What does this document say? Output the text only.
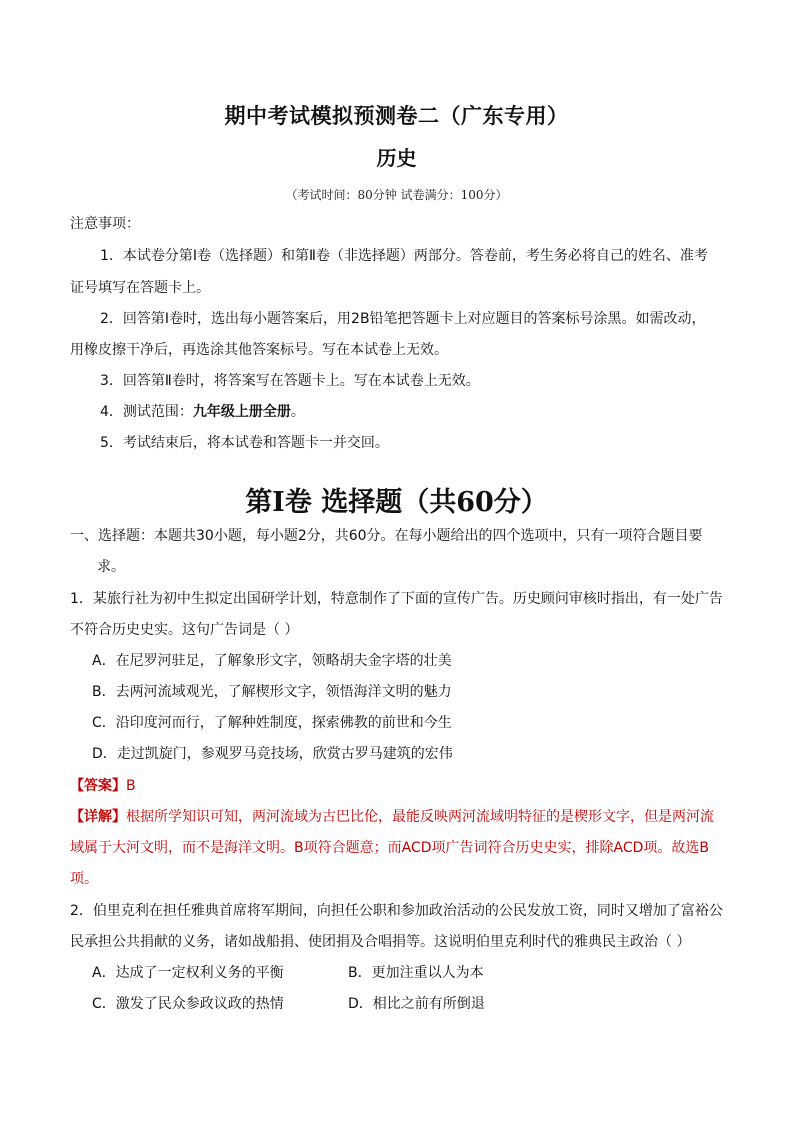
期中考试模拟预测卷二（广东专用）
历史
（考试时间：80分钟 试卷满分：100分）
注意事项：
1．本试卷分第Ⅰ卷（选择题）和第Ⅱ卷（非选择题）两部分。答卷前，考生务必将自己的姓名、准考
证号填写在答题卡上。
2．回答第Ⅰ卷时，选出每小题答案后，用2B铅笔把答题卡上对应题目的答案标号涂黑。如需改动，
用橡皮擦干净后，再选涂其他答案标号。写在本试卷上无效。
3．回答第Ⅱ卷时，将答案写在答题卡上。写在本试卷上无效。
4．测试范围：九年级上册全册。
5．考试结束后，将本试卷和答题卡一并交回。
第Ⅰ卷 选择题（共60分）
一、选择题：本题共30小题，每小题2分，共60分。在每小题给出的四个选项中，只有一项符合题目要
求。
1．某旅行社为初中生拟定出国研学计划，特意制作了下面的宣传广告。历史顾问审核时指出，有一处广告
不符合历史史实。这句广告词是（ ）
A．在尼罗河驻足，了解象形文字，领略胡夫金字塔的壮美
B．去两河流域观光，了解楔形文字，领悟海洋文明的魅力
C．沿印度河而行，了解种姓制度，探索佛教的前世和今生
D．走过凯旋门，参观罗马竞技场，欣赏古罗马建筑的宏伟
【答案】B
【详解】根据所学知识可知，两河流域为古巴比伦，最能反映两河流域明特征的是楔形文字，但是两河流
域属于大河文明，而不是海洋文明。B项符合题意；而ACD项广告词符合历史史实，排除ACD项。故选B
项。
2．伯里克利在担任雅典首席将军期间，向担任公职和参加政治活动的公民发放工资，同时又增加了富裕公
民承担公共捐献的义务，诸如战船捐、使团捐及合唱捐等。这说明伯里克利时代的雅典民主政治（ ）
A．达成了一定权利义务的平衡	B．更加注重以人为本
C．激发了民众参政议政的热情	D．相比之前有所倒退
